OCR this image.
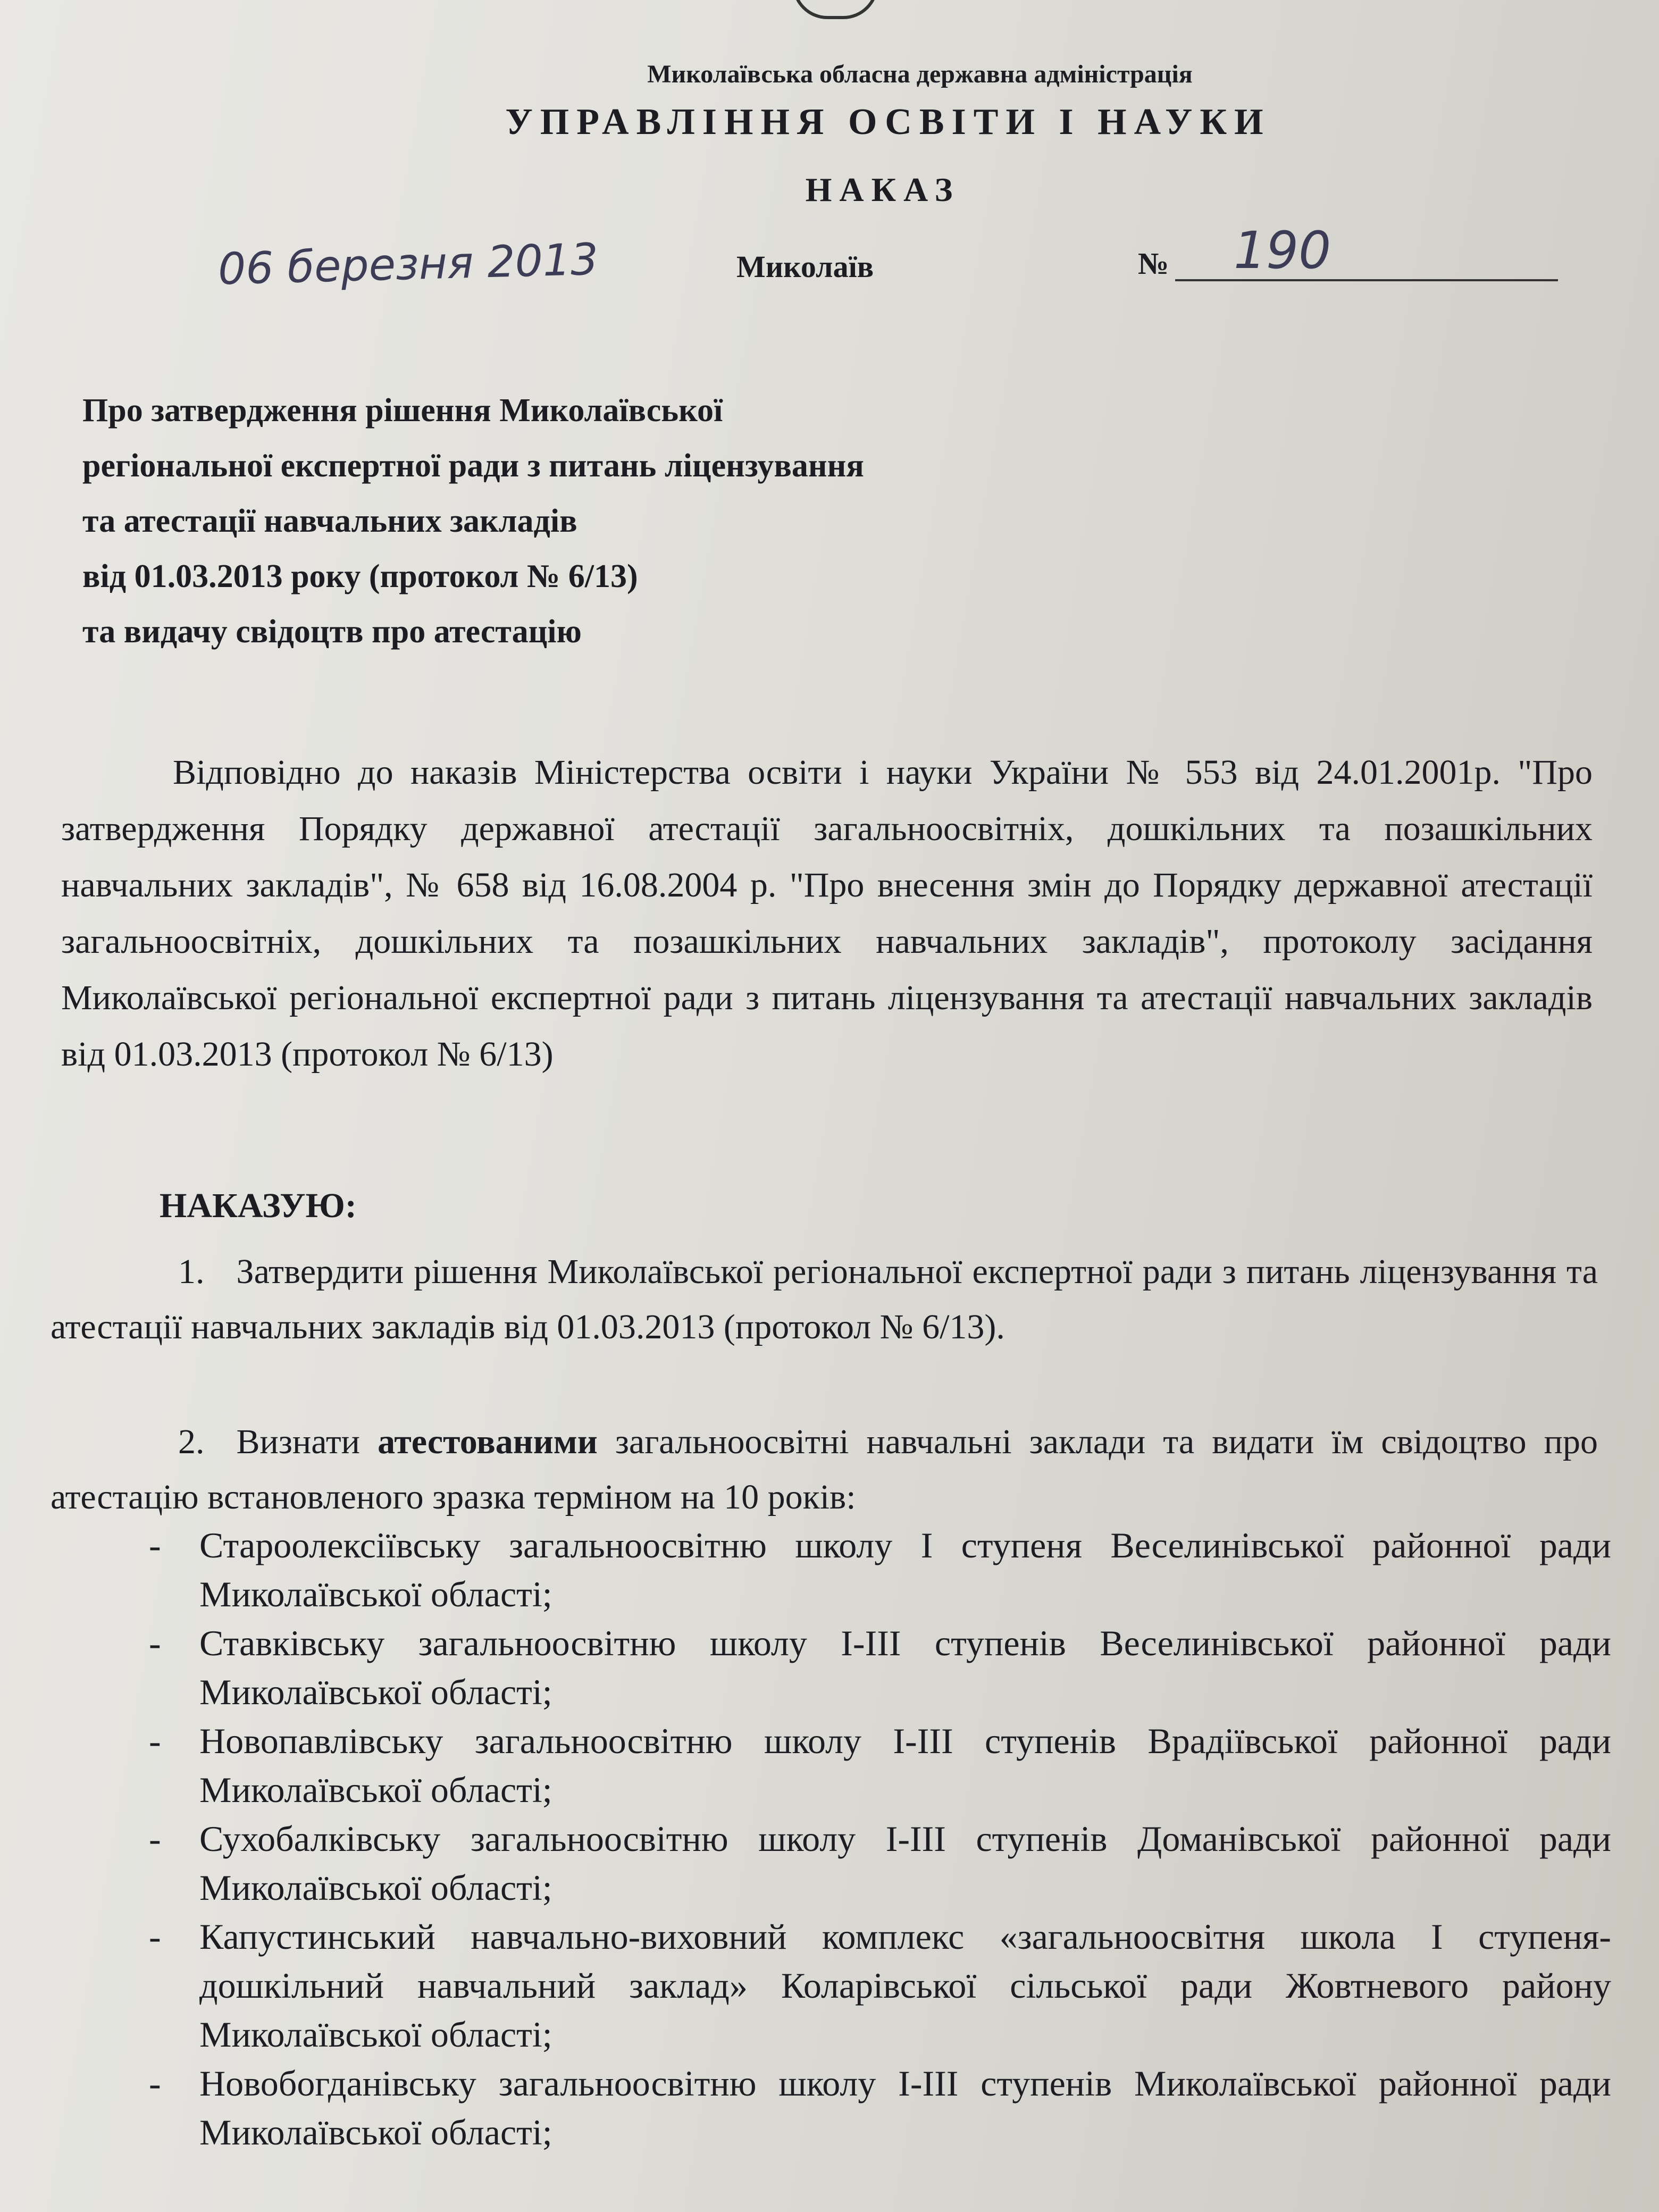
Миколаївська обласна державна адміністрація
УПРАВЛІННЯ ОСВІТИ І НАУКИ
НАКАЗ
06 березня 2013	Миколаїв	№ 190
Про затвердження рішення Миколаївської
регіональної експертної ради з питань ліцензування
та атестації навчальних закладів
від 01.03.2013 року (протокол № 6/13)
та видачу свідоцтв про атестацію
Відповідно до наказів Міністерства освіти і науки України № 553 від 24.01.2001р. "Про затвердження Порядку державної атестації загальноосвітніх, дошкільних та позашкільних навчальних закладів", № 658 від 16.08.2004 р. "Про внесення змін до Порядку державної атестації загальноосвітніх, дошкільних та позашкільних навчальних закладів", протоколу засідання Миколаївської регіональної експертної ради з питань ліцензування та атестації навчальних закладів від 01.03.2013 (протокол № 6/13)
НАКАЗУЮ:
1. Затвердити рішення Миколаївської регіональної експертної ради з питань ліцензування та атестації навчальних закладів від 01.03.2013 (протокол № 6/13).
2. Визнати атестованими загальноосвітні навчальні заклади та видати їм свідоцтво про атестацію встановленого зразка терміном на 10 років:
- Староолексіївську загальноосвітню школу І ступеня Веселинівської районної ради Миколаївської області;
- Ставківську загальноосвітню школу І-ІІІ ступенів Веселинівської районної ради Миколаївської області;
- Новопавлівську загальноосвітню школу І-ІІІ ступенів Врадіївської районної ради Миколаївської області;
- Сухобалківську загальноосвітню школу І-ІІІ ступенів Доманівської районної ради Миколаївської області;
- Капустинський навчально-виховний комплекс «загальноосвітня школа І ступеня-дошкільний навчальний заклад» Коларівської сільської ради Жовтневого району Миколаївської області;
- Новобогданівську загальноосвітню школу І-ІІІ ступенів Миколаївської районної ради Миколаївської області;
